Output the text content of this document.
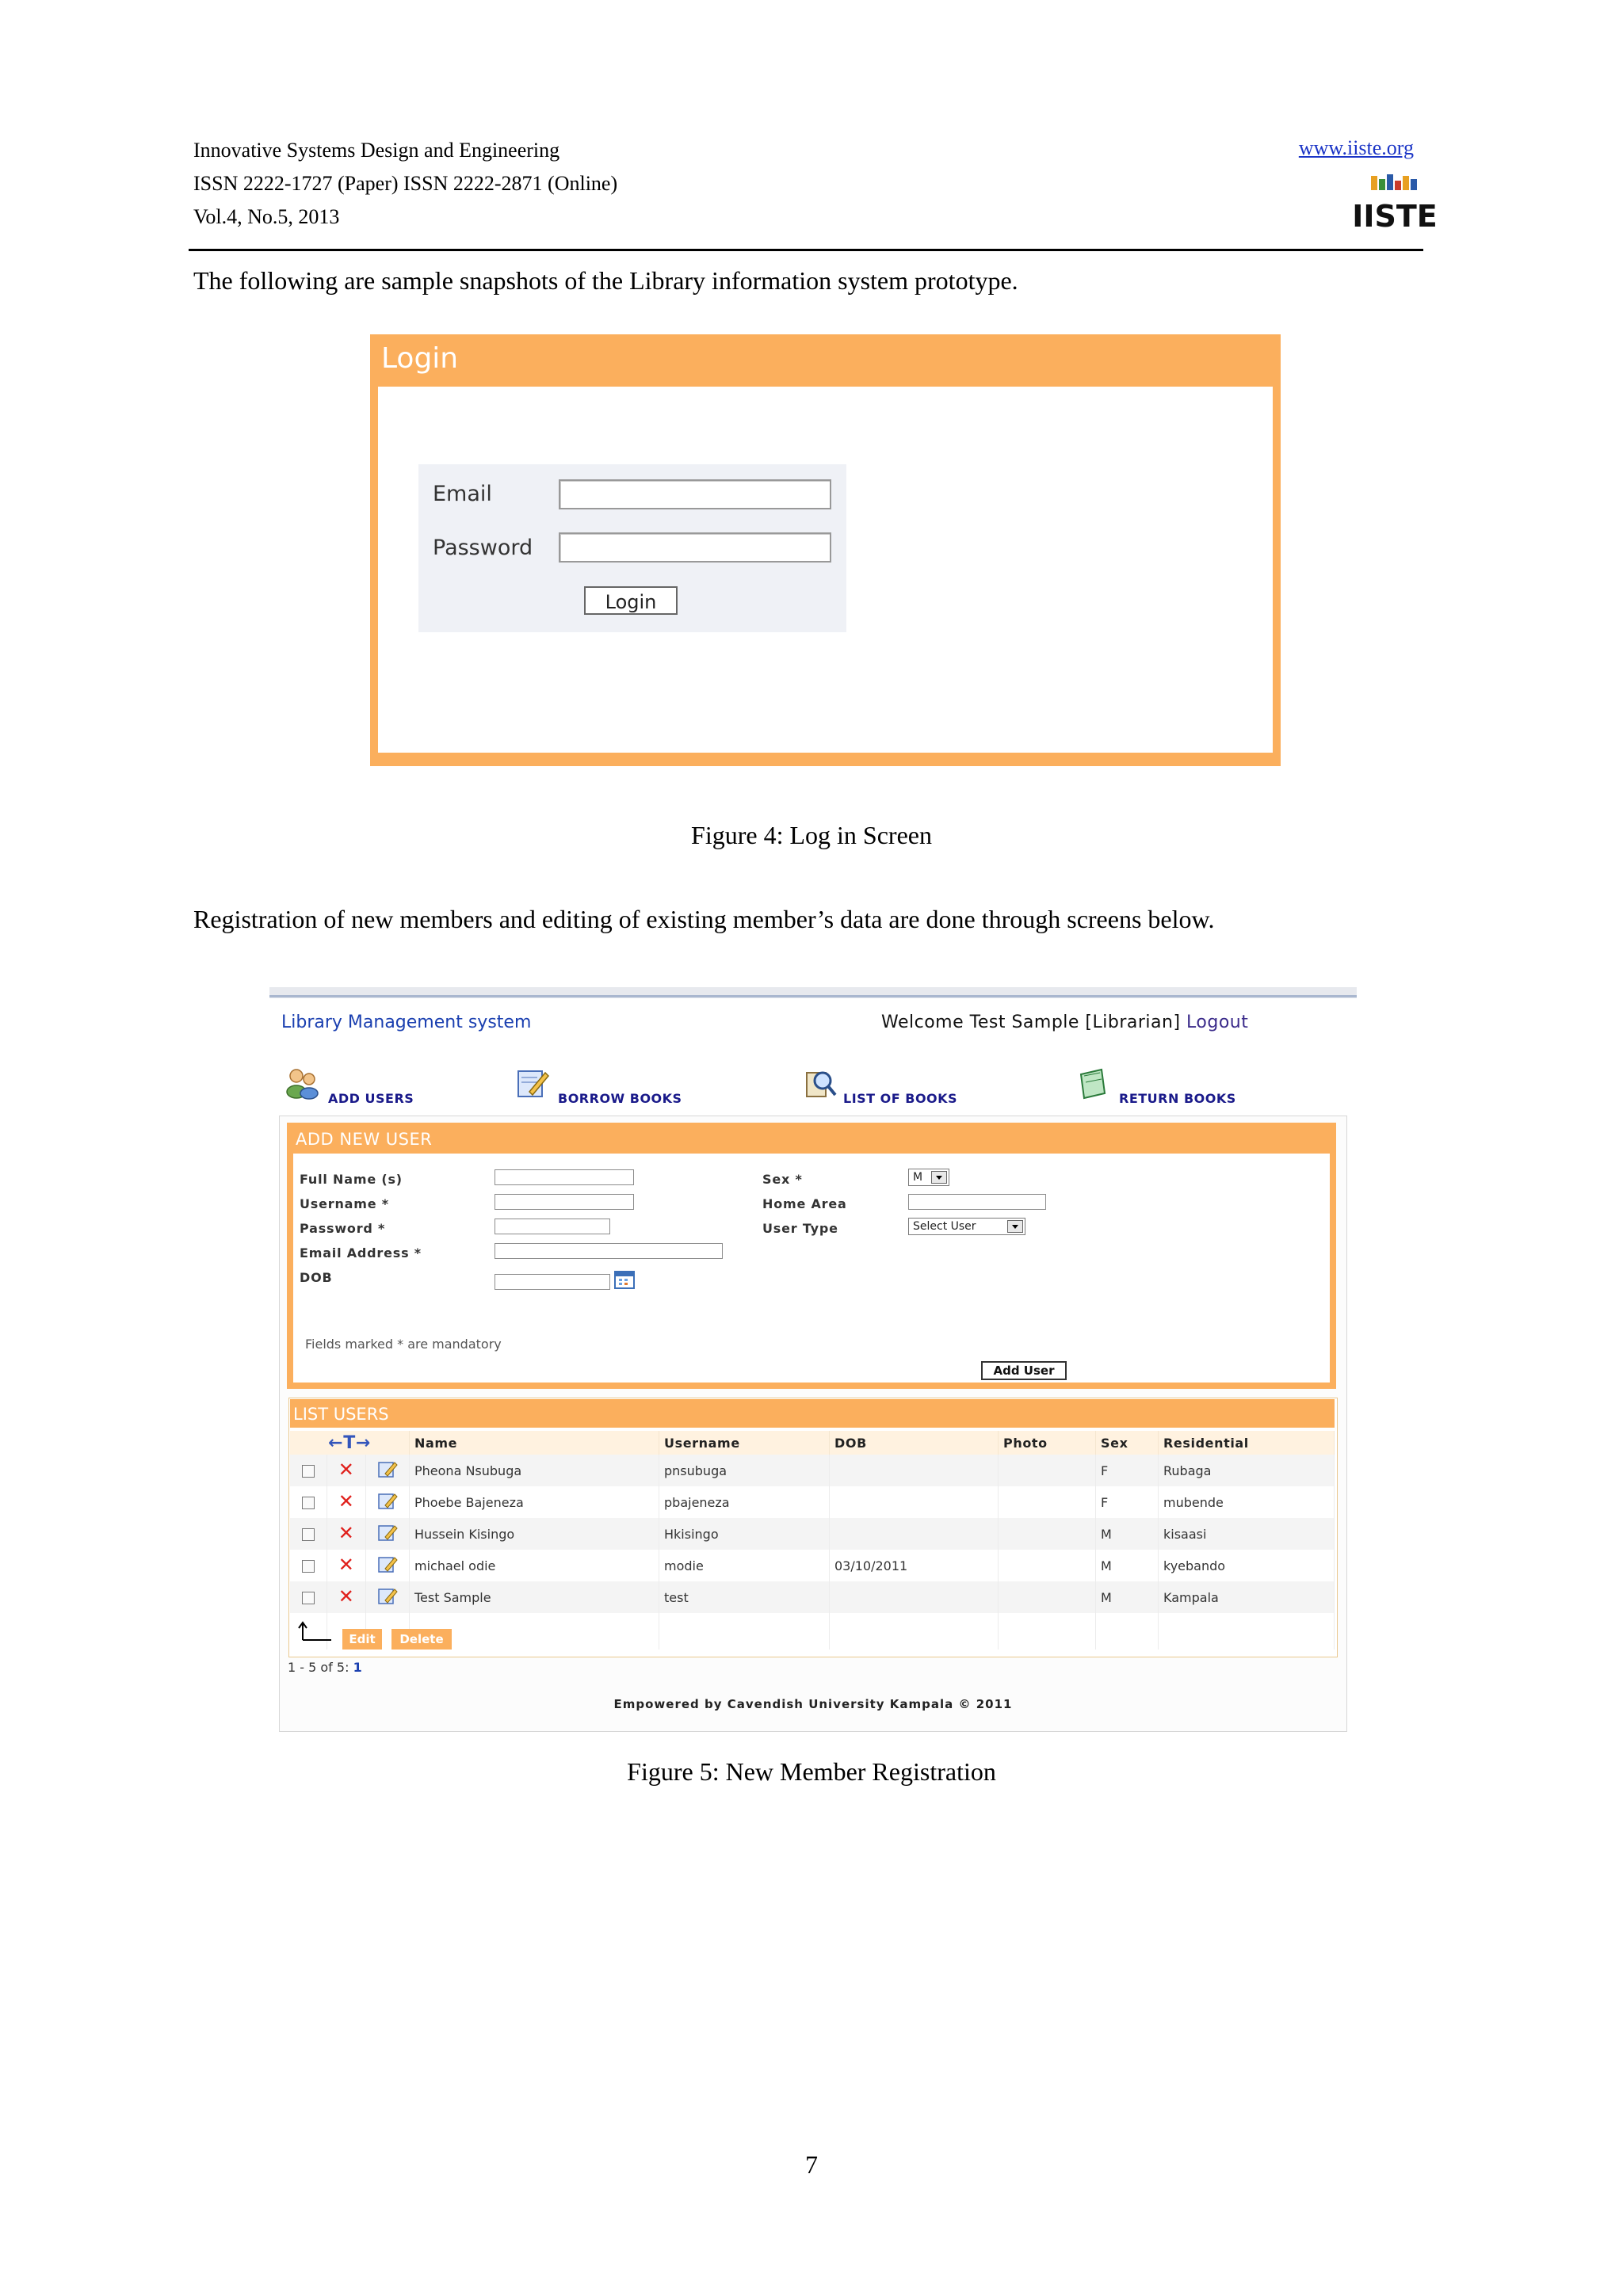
Innovative Systems Design and Engineering
ISSN 2222-1727 (Paper) ISSN 2222-2871 (Online)
Vol.4, No.5, 2013
www.iiste.org
IISTE
The following are sample snapshots of the Library information system prototype.
Login
Email
Password
Login
Figure 4: Log in Screen
Registration of new members and editing of existing member’s data are done through screens below.
Library Management system	Welcome Test Sample [Librarian] Logout
ADD USERS	BORROW BOOKS	LIST OF BOOKS	RETURN BOOKS
ADD NEW USER
Full Name (s)
Username *
Password *
Email Address *
DOB
Sex *	M
Home Area
User Type	Select User
Fields marked * are mandatory
Add User
LIST USERS
←T→			Name	Username	DOB	Photo	Sex	Residential
	✕		Pheona Nsubuga	pnsubuga			F	Rubaga
	✕		Phoebe Bajeneza	pbajeneza			F	mubende
	✕		Hussein Kisingo	Hkisingo			M	kisaasi
	✕		michael odie	modie	03/10/2011		M	kyebando
	✕		Test Sample	test			M	Kampala

Edit	Delete
1 - 5 of 5: 1
Empowered by Cavendish University Kampala © 2011
Figure 5: New Member Registration
7
